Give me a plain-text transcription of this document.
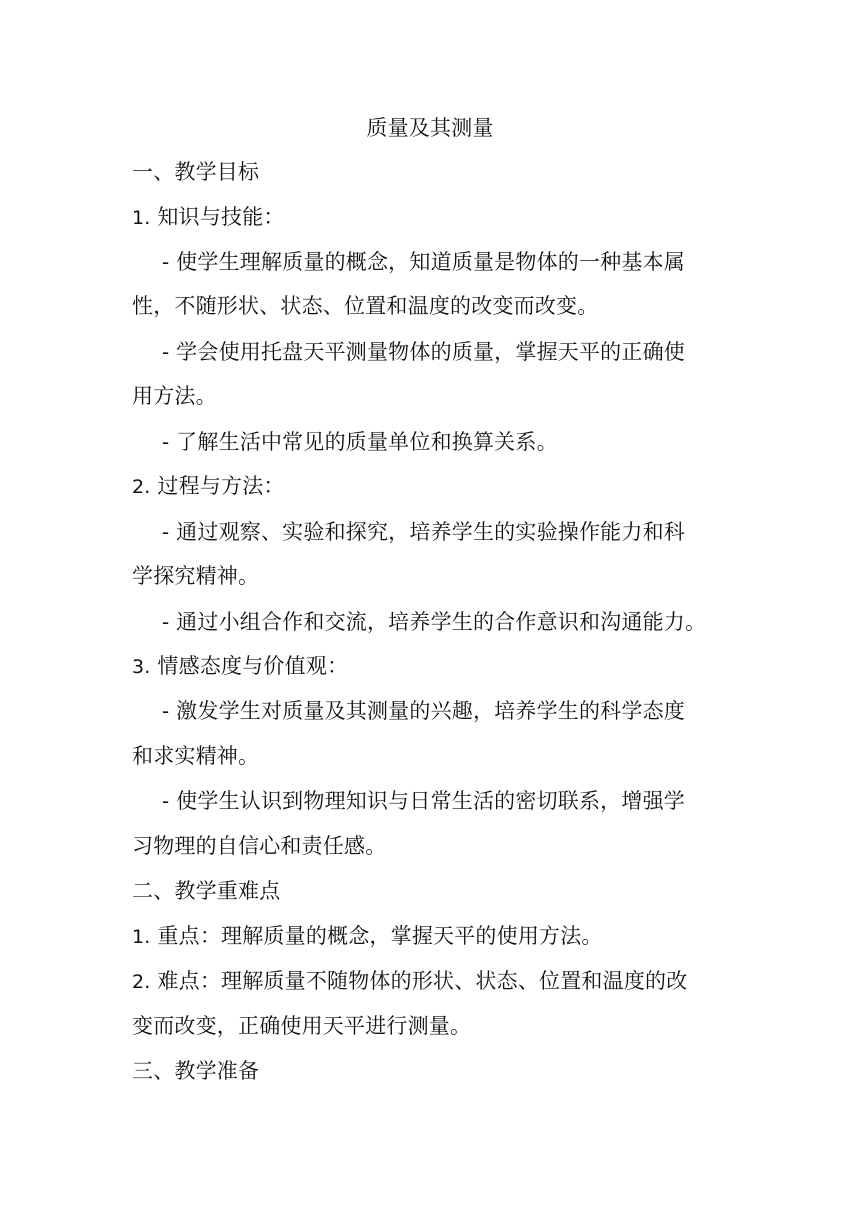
质量及其测量
一、教学目标
1. 知识与技能：
- 使学生理解质量的概念，知道质量是物体的一种基本属
性，不随形状、状态、位置和温度的改变而改变。
- 学会使用托盘天平测量物体的质量，掌握天平的正确使
用方法。
- 了解生活中常见的质量单位和换算关系。
2. 过程与方法：
- 通过观察、实验和探究，培养学生的实验操作能力和科
学探究精神。
- 通过小组合作和交流，培养学生的合作意识和沟通能力。
3. 情感态度与价值观：
- 激发学生对质量及其测量的兴趣，培养学生的科学态度
和求实精神。
- 使学生认识到物理知识与日常生活的密切联系，增强学
习物理的自信心和责任感。
二、教学重难点
1. 重点：理解质量的概念，掌握天平的使用方法。
2. 难点：理解质量不随物体的形状、状态、位置和温度的改
变而改变，正确使用天平进行测量。
三、教学准备
